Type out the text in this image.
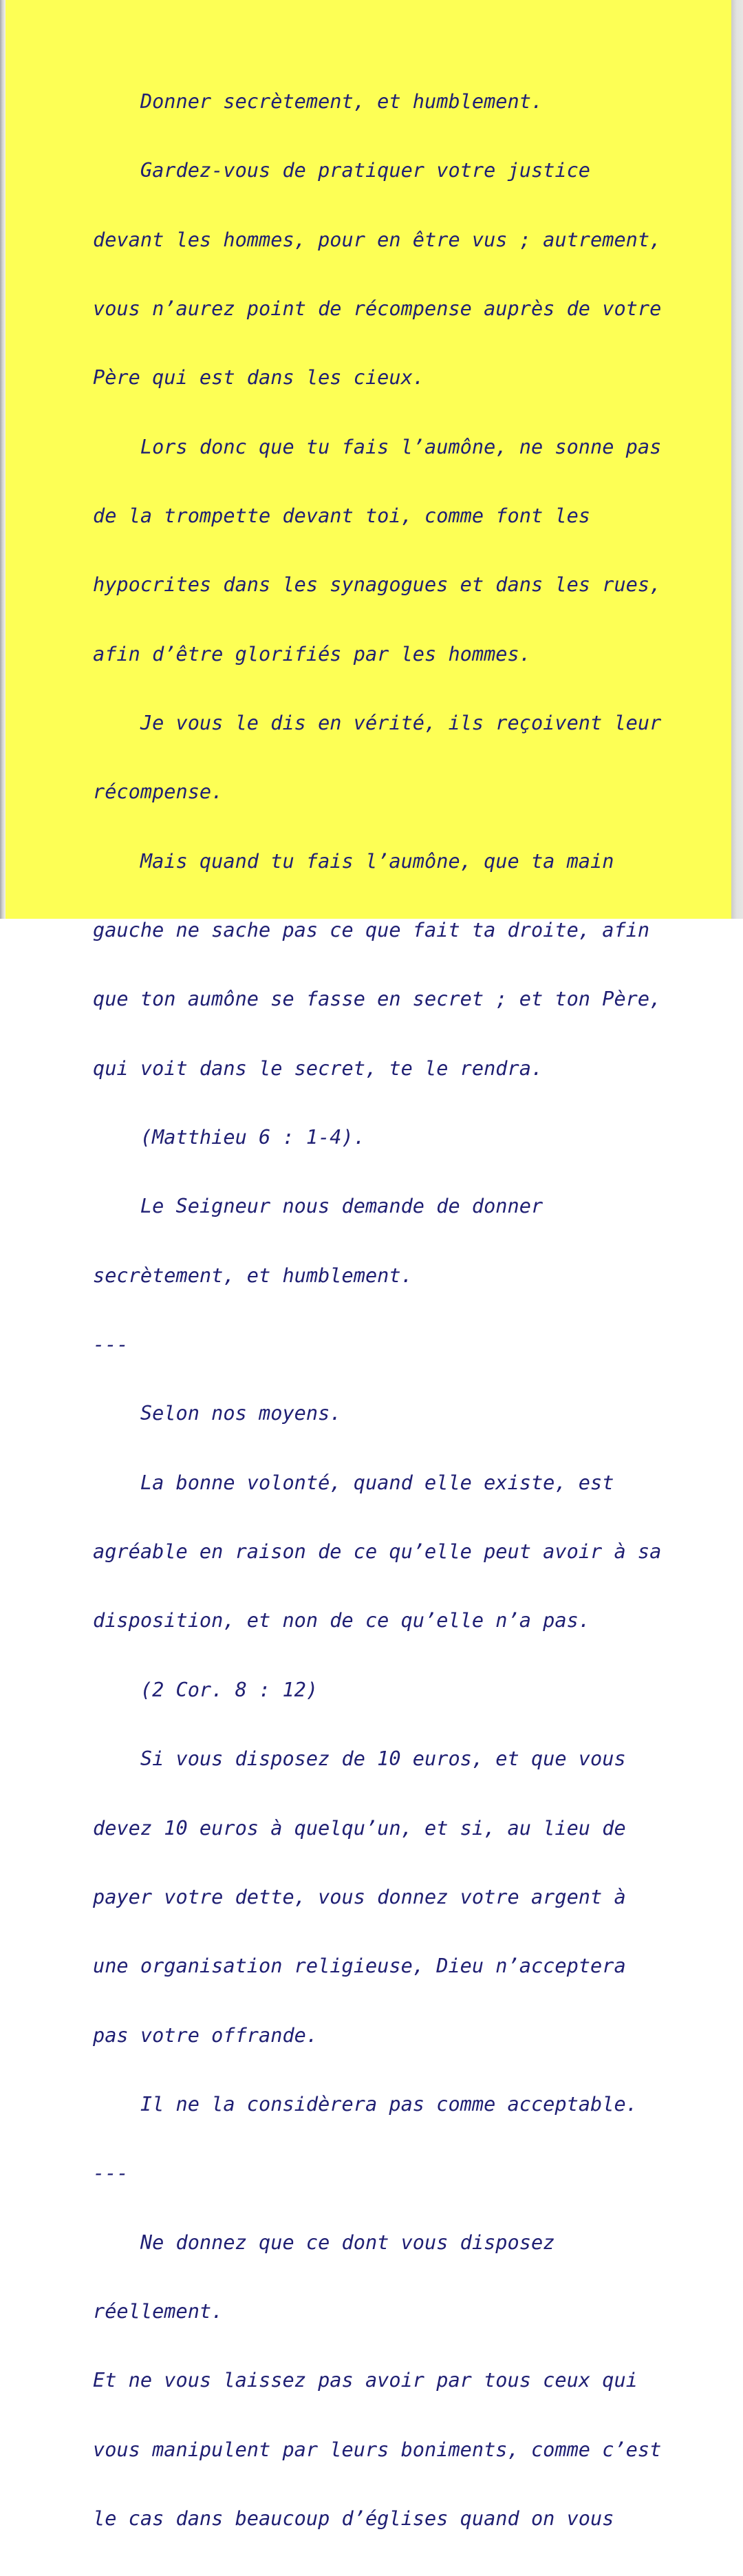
Donner secrètement, et humblement.

Gardez-vous de pratiquer votre justice

devant les hommes, pour en être vus ; autrement,

vous n’aurez point de récompense auprès de votre

Père qui est dans les cieux.

Lors donc que tu fais l’aumône, ne sonne pas

de la trompette devant toi, comme font les

hypocrites dans les synagogues et dans les rues,

afin d’être glorifiés par les hommes.

Je vous le dis en vérité, ils reçoivent leur

récompense.

Mais quand tu fais l’aumône, que ta main

gauche ne sache pas ce que fait ta droite, afin

que ton aumône se fasse en secret ; et ton Père,

qui voit dans le secret, te le rendra.

(Matthieu 6 : 1-4).

Le Seigneur nous demande de donner

secrètement, et humblement.

---

Selon nos moyens.

La bonne volonté, quand elle existe, est

agréable en raison de ce qu’elle peut avoir à sa

disposition, et non de ce qu’elle n’a pas.

(2 Cor. 8 : 12)

Si vous disposez de 10 euros, et que vous

devez 10 euros à quelqu’un, et si, au lieu de

payer votre dette, vous donnez votre argent à

une organisation religieuse, Dieu n’acceptera

pas votre offrande.

Il ne la considèrera pas comme acceptable.

---

Ne donnez que ce dont vous disposez

réellement.

Et ne vous laissez pas avoir par tous ceux qui

vous manipulent par leurs boniments, comme c’est

le cas dans beaucoup d’églises quand on vous
